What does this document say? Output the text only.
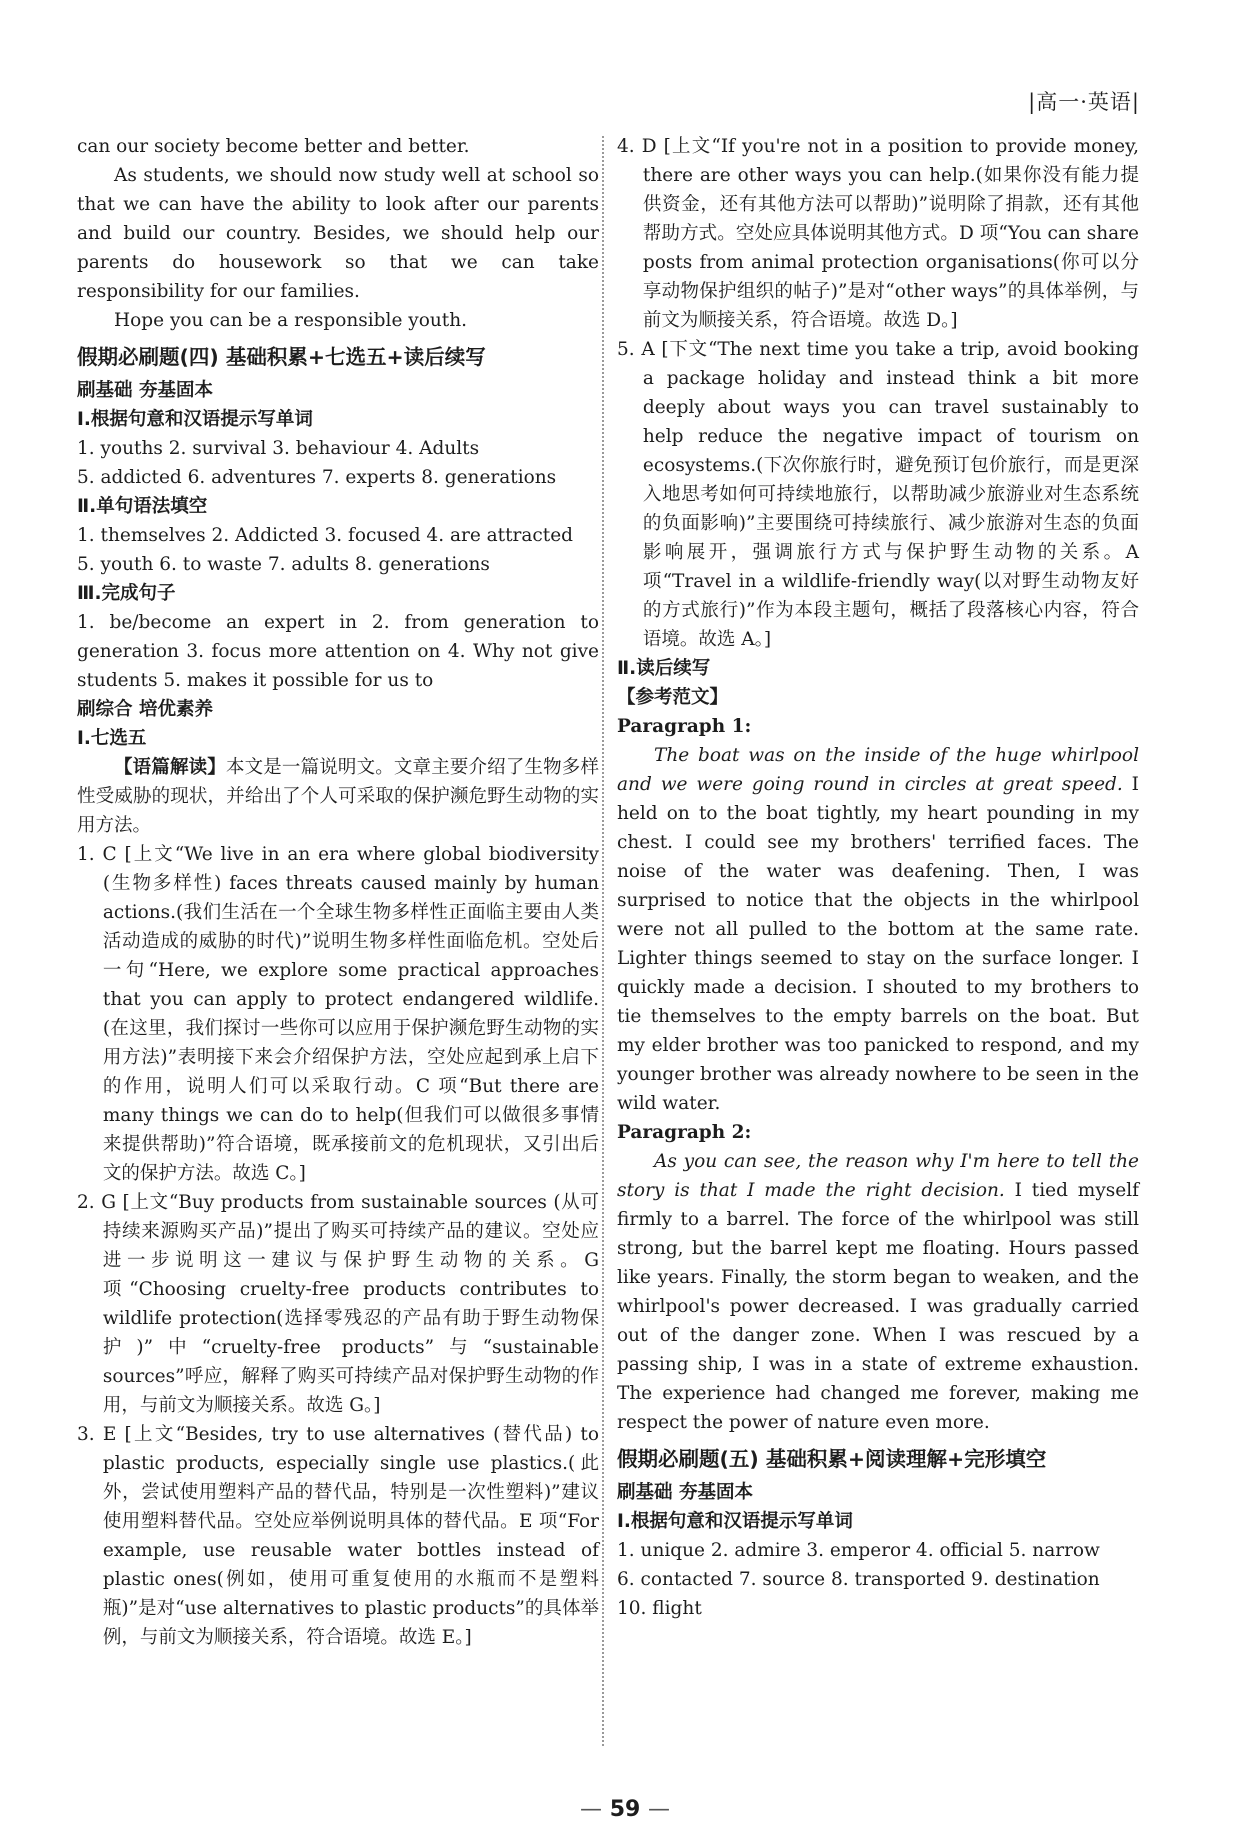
|高一·英语|

can our society become better and better.

As students, we should now study well at school so that we can have the ability to look after our parents and build our country. Besides, we should help our parents do housework so that we can take responsibility for our families.

Hope you can be a responsible youth.

假期必刷题(四) 基础积累+七选五+读后续写
刷基础 夯基固本
Ⅰ.根据句意和汉语提示写单词

1. youths 2. survival 3. behaviour 4. Adults

5. addicted 6. adventures 7. experts 8. generations

Ⅱ.单句语法填空

1. themselves 2. Addicted 3. focused 4. are attracted

5. youth 6. to waste 7. adults 8. generations

Ⅲ.完成句子

1. be/become an expert in 2. from generation to generation 3. focus more attention on 4. Why not give students 5. makes it possible for us to

刷综合 培优素养
Ⅰ.七选五

【语篇解读】本文是一篇说明文。文章主要介绍了生物多样性受威胁的现状，并给出了个人可采取的保护濒危野生动物的实用方法。

1. C [上文“We live in an era where global biodiversity (生物多样性) faces threats caused mainly by human actions.(我们生活在一个全球生物多样性正面临主要由人类活动造成的威胁的时代)”说明生物多样性面临危机。空处后一句“Here, we explore some practical approaches that you can apply to protect endangered wildlife.(在这里，我们探讨一些你可以应用于保护濒危野生动物的实用方法)”表明接下来会介绍保护方法，空处应起到承上启下的作用，说明人们可以采取行动。C 项“But there are many things we can do to help(但我们可以做很多事情来提供帮助)”符合语境，既承接前文的危机现状，又引出后文的保护方法。故选 C。]

2. G [上文“Buy products from sustainable sources (从可持续来源购买产品)”提出了购买可持续产品的建议。空处应进一步说明这一建议与保护野生动物的关系。G 项“Choosing cruelty-free products contributes to wildlife protection(选择零残忍的产品有助于野生动物保护)”中“cruelty-free products”与“sustainable sources”呼应，解释了购买可持续产品对保护野生动物的作用，与前文为顺接关系。故选 G。]

3. E [上文“Besides, try to use alternatives (替代品) to plastic products, especially single use plastics.(此外，尝试使用塑料产品的替代品，特别是一次性塑料)”建议使用塑料替代品。空处应举例说明具体的替代品。E 项“For example, use reusable water bottles instead of plastic ones(例如，使用可重复使用的水瓶而不是塑料瓶)”是对“use alternatives to plastic products”的具体举例，与前文为顺接关系，符合语境。故选 E。]

4. D [上文“If you're not in a position to provide money, there are other ways you can help.(如果你没有能力提供资金，还有其他方法可以帮助)”说明除了捐款，还有其他帮助方式。空处应具体说明其他方式。D 项“You can share posts from animal protection organisations(你可以分享动物保护组织的帖子)”是对“other ways”的具体举例，与前文为顺接关系，符合语境。故选 D。]

5. A [下文“The next time you take a trip, avoid booking a package holiday and instead think a bit more deeply about ways you can travel sustainably to help reduce the negative impact of tourism on ecosystems.(下次你旅行时，避免预订包价旅行，而是更深入地思考如何可持续地旅行，以帮助减少旅游业对生态系统的负面影响)”主要围绕可持续旅行、减少旅游对生态的负面影响展开，强调旅行方式与保护野生动物的关系。A 项“Travel in a wildlife-friendly way(以对野生动物友好的方式旅行)”作为本段主题句，概括了段落核心内容，符合语境。故选 A。]

Ⅱ.读后续写
【参考范文】
Paragraph 1:

The boat was on the inside of the huge whirlpool and we were going round in circles at great speed. I held on to the boat tightly, my heart pounding in my chest. I could see my brothers' terrified faces. The noise of the water was deafening. Then, I was surprised to notice that the objects in the whirlpool were not all pulled to the bottom at the same rate. Lighter things seemed to stay on the surface longer. I quickly made a decision. I shouted to my brothers to tie themselves to the empty barrels on the boat. But my elder brother was too panicked to respond, and my younger brother was already nowhere to be seen in the wild water.

Paragraph 2:

As you can see, the reason why I'm here to tell the story is that I made the right decision. I tied myself firmly to a barrel. The force of the whirlpool was still strong, but the barrel kept me floating. Hours passed like years. Finally, the storm began to weaken, and the whirlpool's power decreased. I was gradually carried out of the danger zone. When I was rescued by a passing ship, I was in a state of extreme exhaustion. The experience had changed me forever, making me respect the power of nature even more.

假期必刷题(五) 基础积累+阅读理解+完形填空
刷基础 夯基固本
Ⅰ.根据句意和汉语提示写单词

1. unique 2. admire 3. emperor 4. official 5. narrow

6. contacted 7. source 8. transported 9. destination

10. flight

— 59 —
